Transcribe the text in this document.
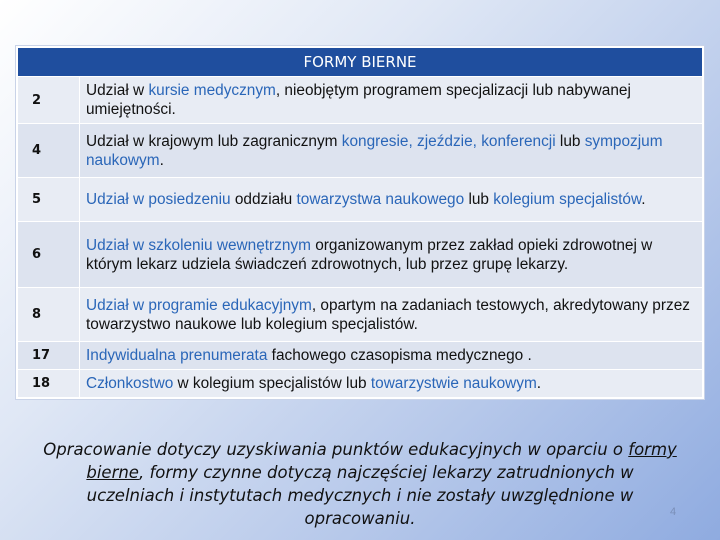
FORMY BIERNE	
2	Udział w kursie medycznym, nieobjętym programem specjalizacji lub nabywanej umiejętności.
4	Udział w krajowym lub zagranicznym kongresie, zjeździe, konferencji lub sympozjum naukowym.
5	Udział w posiedzeniu oddziału towarzystwa naukowego lub kolegium specjalistów.
6	Udział w szkoleniu wewnętrznym organizowanym przez zakład opieki zdrowotnej w którym lekarz udziela świadczeń zdrowotnych, lub przez grupę lekarzy.
8	Udział w programie edukacyjnym, opartym na zadaniach testowych, akredytowany przez towarzystwo naukowe lub kolegium specjalistów.
17	Indywidualna prenumerata fachowego czasopisma medycznego .
18	Członkostwo w kolegium specjalistów lub towarzystwie naukowym.
Opracowanie dotyczy uzyskiwania punktów edukacyjnych w oparciu o formy bierne, formy czynne dotyczą najczęściej lekarzy zatrudnionych w uczelniach i instytutach medycznych i nie zostały uwzględnione w opracowaniu.	4
